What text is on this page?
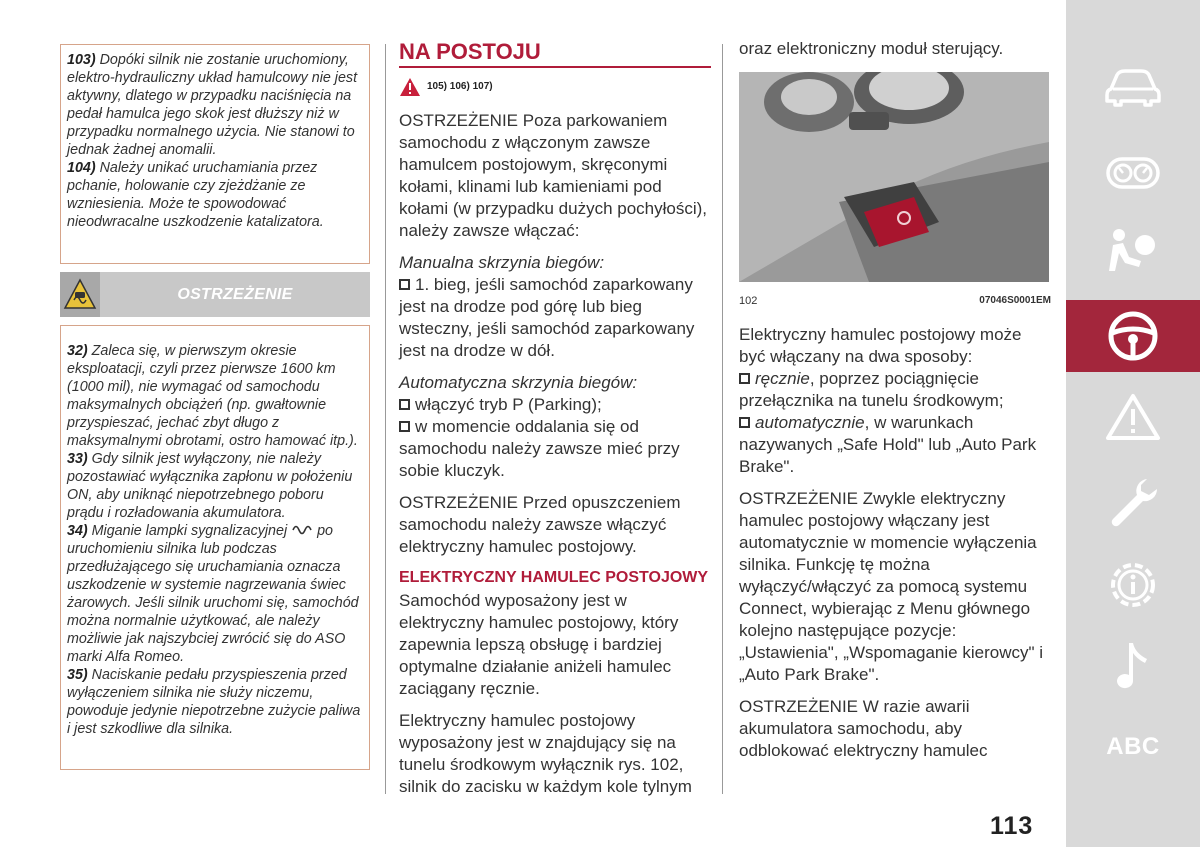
103) Dopóki silnik nie zostanie uruchomiony, elektro-hydrauliczny układ hamulcowy nie jest aktywny, dlatego w przypadku naciśnięcia na pedał hamulca jego skok jest dłuższy niż w przypadku normalnego użycia. Nie stanowi to jednak żadnej anomalii.
104) Należy unikać uruchamiania przez pchanie, holowanie czy zjeżdżanie ze wzniesienia. Może te spowodować nieodwracalne uszkodzenie katalizatora.
OSTRZEŻENIE
32) Zaleca się, w pierwszym okresie eksploatacji, czyli przez pierwsze 1600 km (1000 mil), nie wymagać od samochodu maksymalnych obciążeń (np. gwałtownie przyspieszać, jechać zbyt długo z maksymalnymi obrotami, ostro hamować itp.).
33) Gdy silnik jest wyłączony, nie należy pozostawiać wyłącznika zapłonu w położeniu ON, aby uniknąć niepotrzebnego poboru prądu i rozładowania akumulatora.
34) Miganie lampki sygnalizacyjnej  po uruchomieniu silnika lub podczas przedłużającego się uruchamiania oznacza uszkodzenie w systemie nagrzewania świec żarowych. Jeśli silnik uruchomi się, samochód można normalnie użytkować, ale należy możliwie jak najszybciej zwrócić się do ASO marki Alfa Romeo.
35) Naciskanie pedału przyspieszenia przed wyłączeniem silnika nie służy niczemu, powoduje jedynie niepotrzebne zużycie paliwa i jest szkodliwe dla silnika.
NA POSTOJU
105) 106) 107)

OSTRZEŻENIE Poza parkowaniem samochodu z włączonym zawsze hamulcem postojowym, skręconymi kołami, klinami lub kamieniami pod kołami (w przypadku dużych pochyłości), należy zawsze włączać:

Manualna skrzynia biegów:

1. bieg, jeśli samochód zaparkowany jest na drodze pod górę lub bieg wsteczny, jeśli samochód zaparkowany jest na drodze w dół.

Automatyczna skrzynia biegów:

włączyć tryb P (Parking);

w momencie oddalania się od samochodu należy zawsze mieć przy sobie kluczyk.

OSTRZEŻENIE Przed opuszczeniem samochodu należy zawsze włączyć elektryczny hamulec postojowy.

ELEKTRYCZNY HAMULEC POSTOJOWY

Samochód wyposażony jest w elektryczny hamulec postojowy, który zapewnia lepszą obsługę i bardziej optymalne działanie aniżeli hamulec zaciągany ręcznie.

Elektryczny hamulec postojowy wyposażony jest w znajdujący się na tunelu środkowym wyłącznik rys. 102, silnik do zacisku w każdym kole tylnym

oraz elektroniczny moduł sterujący.

102	07046S0001EM

Elektryczny hamulec postojowy może być włączany na dwa sposoby:

ręcznie, poprzez pociągnięcie przełącznika na tunelu środkowym;

automatycznie, w warunkach nazywanych „Safe Hold" lub „Auto Park Brake".

OSTRZEŻENIE Zwykle elektryczny hamulec postojowy włączany jest automatycznie w momencie wyłączenia silnika. Funkcję tę można wyłączyć/włączyć za pomocą systemu Connect, wybierając z Menu głównego kolejno następujące pozycje: „Ustawienia", „Wspomaganie kierowcy" i „Auto Park Brake".

OSTRZEŻENIE W razie awarii akumulatora samochodu, aby odblokować elektryczny hamulec	ABC
113
